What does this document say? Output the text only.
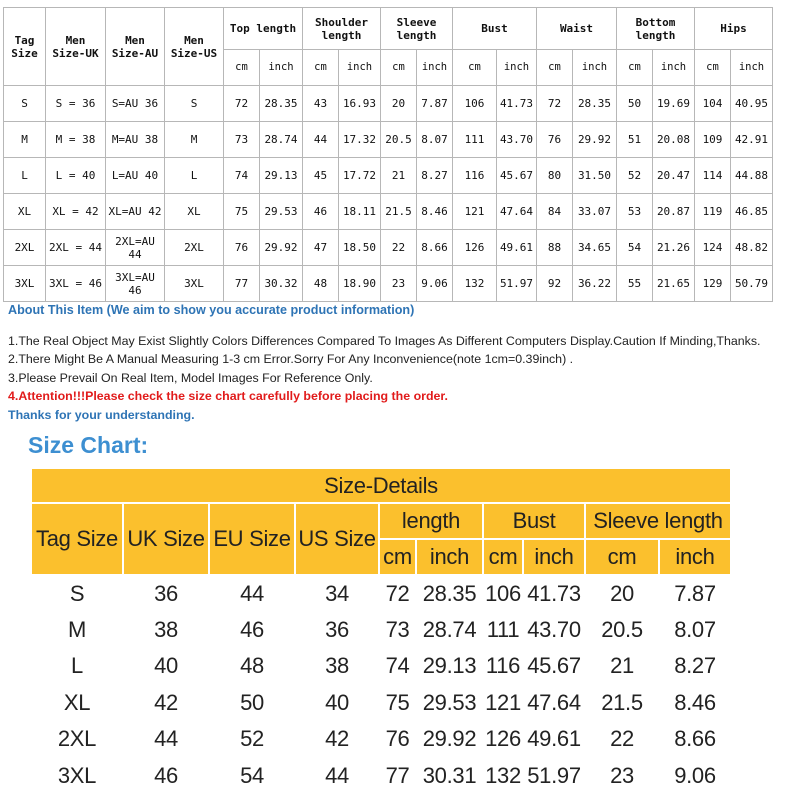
Tag Size	Men Size-UK	Men Size-AU	Men Size-US	Top length		Shoulder length		Sleeve length		Bust		Waist		Bottom length		Hips	
				cm	inch	cm	inch	cm	inch	cm	inch	cm	inch	cm	inch	cm	inch
S	S = 36	S=AU 36	S	72	28.35	43	16.93	20	7.87	106	41.73	72	28.35	50	19.69	104	40.95
M	M = 38	M=AU 38	M	73	28.74	44	17.32	20.5	8.07	111	43.70	76	29.92	51	20.08	109	42.91
L	L = 40	L=AU 40	L	74	29.13	45	17.72	21	8.27	116	45.67	80	31.50	52	20.47	114	44.88
XL	XL = 42	XL=AU 42	XL	75	29.53	46	18.11	21.5	8.46	121	47.64	84	33.07	53	20.87	119	46.85
2XL	2XL = 44	2XL=AU 44	2XL	76	29.92	47	18.50	22	8.66	126	49.61	88	34.65	54	21.26	124	48.82
3XL	3XL = 46	3XL=AU 46	3XL	77	30.32	48	18.90	23	9.06	132	51.97	92	36.22	55	21.65	129	50.79
About This Item (We aim to show you accurate product information)
1.The Real Object May Exist Slightly Colors Differences Compared To Images As Different Computers Display.Caution If Minding,Thanks.
2.There Might Be A Manual Measuring 1-3 cm Error.Sorry For Any Inconvenience(note 1cm=0.39inch) .
3.Please Prevail On Real Item, Model Images For Reference Only.
4.Attention!!!Please check the size chart carefully before placing the order.
Thanks for your understanding.
Size Chart:
Size-Details									
Tag Size	UK Size	EU Size	US Size	length		Bust		Sleeve length	
				cm	inch	cm	inch	cm	inch
S	36	44	34	72	28.35	106	41.73	20	7.87
M	38	46	36	73	28.74	111	43.70	20.5	8.07
L	40	48	38	74	29.13	116	45.67	21	8.27
XL	42	50	40	75	29.53	121	47.64	21.5	8.46
2XL	44	52	42	76	29.92	126	49.61	22	8.66
3XL	46	54	44	77	30.31	132	51.97	23	9.06
